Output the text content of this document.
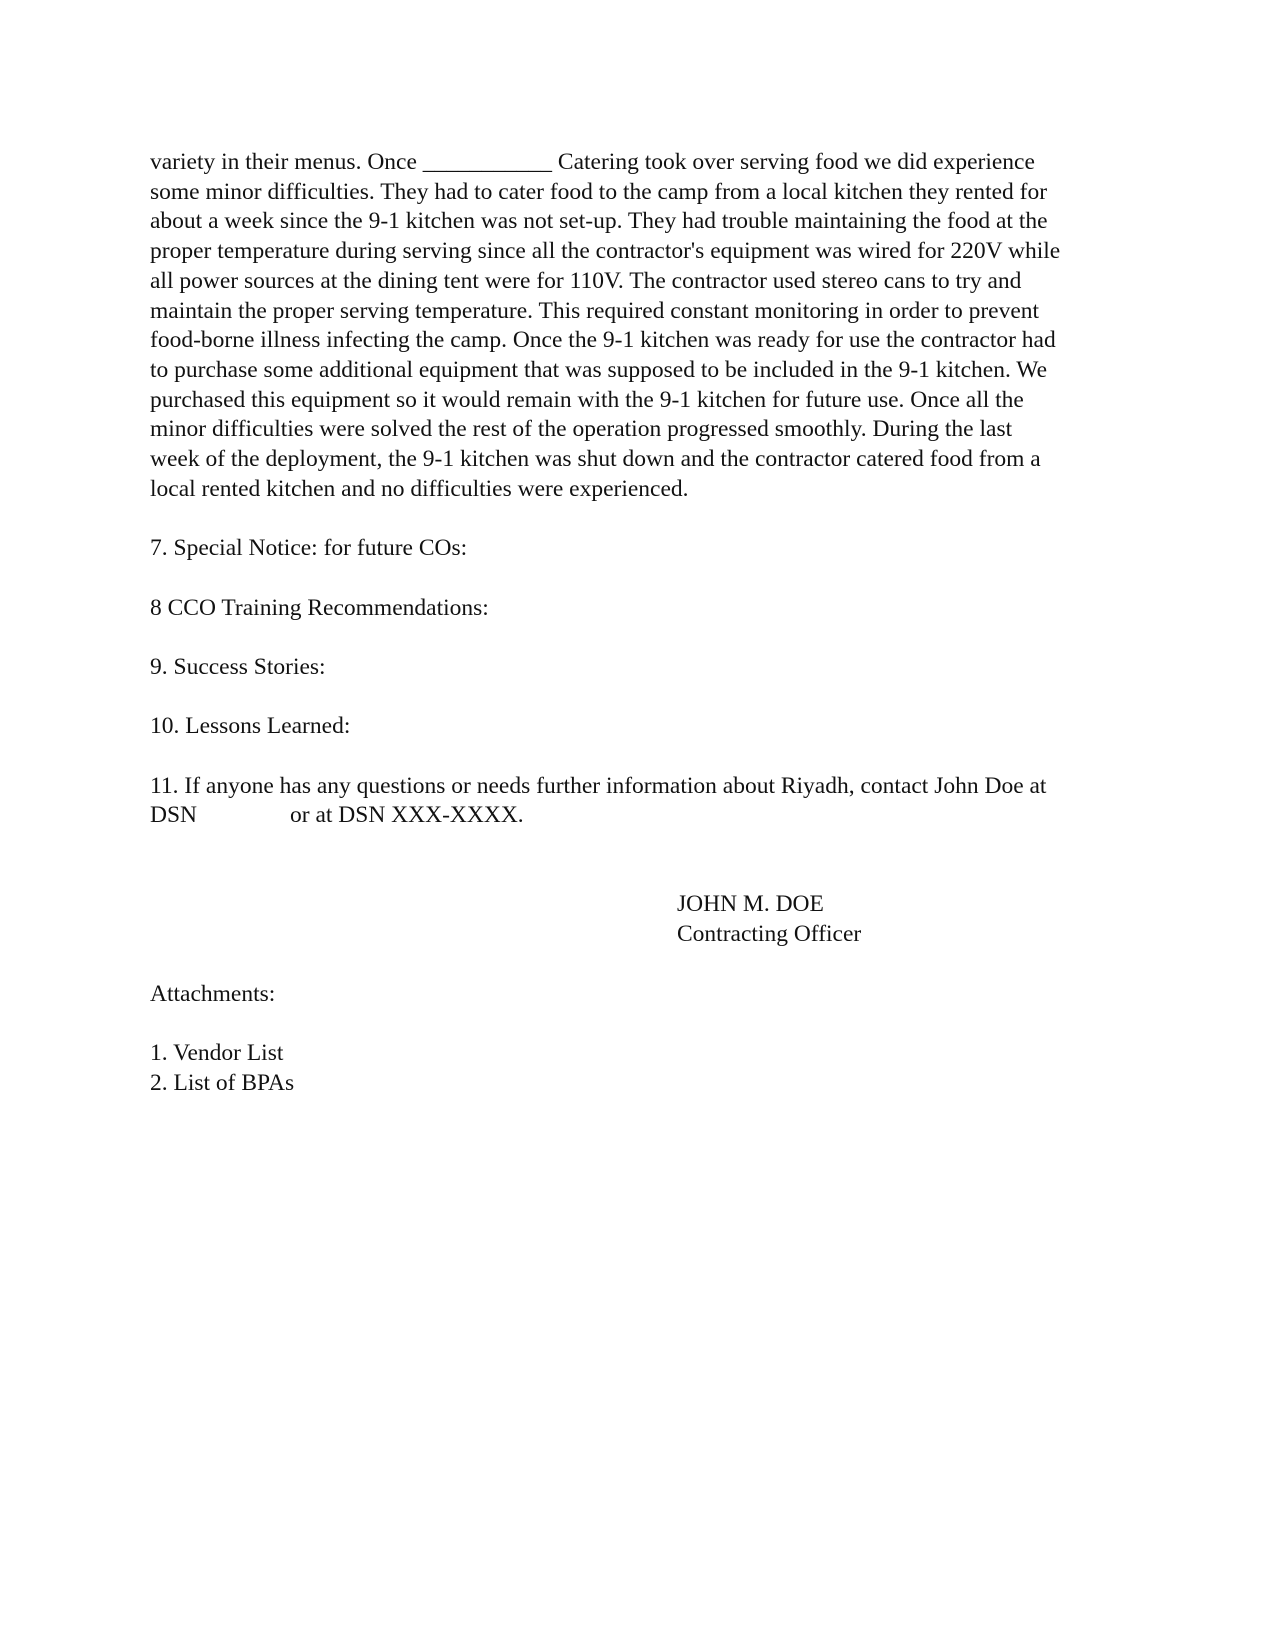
variety in their menus. Once ___________ Catering took over serving food we did experience
some minor difficulties. They had to cater food to the camp from a local kitchen they rented for
about a week since the 9-1 kitchen was not set-up. They had trouble maintaining the food at the
proper temperature during serving since all the contractor's equipment was wired for 220V while
all power sources at the dining tent were for 110V. The contractor used stereo cans to try and
maintain the proper serving temperature. This required constant monitoring in order to prevent
food-borne illness infecting the camp. Once the 9-1 kitchen was ready for use the contractor had
to purchase some additional equipment that was supposed to be included in the 9-1 kitchen. We
purchased this equipment so it would remain with the 9-1 kitchen for future use. Once all the
minor difficulties were solved the rest of the operation progressed smoothly. During the last
week of the deployment, the 9-1 kitchen was shut down and the contractor catered food from a
local rented kitchen and no difficulties were experienced.

7. Special Notice: for future COs:

8 CCO Training Recommendations:

9. Success Stories:

10. Lessons Learned:

11. If anyone has any questions or needs further information about Riyadh, contact John Doe at
DSN	or at DSN XXX-XXXX.
JOHN M. DOE
Contracting Officer

Attachments:

1. Vendor List
2. List of BPAs
